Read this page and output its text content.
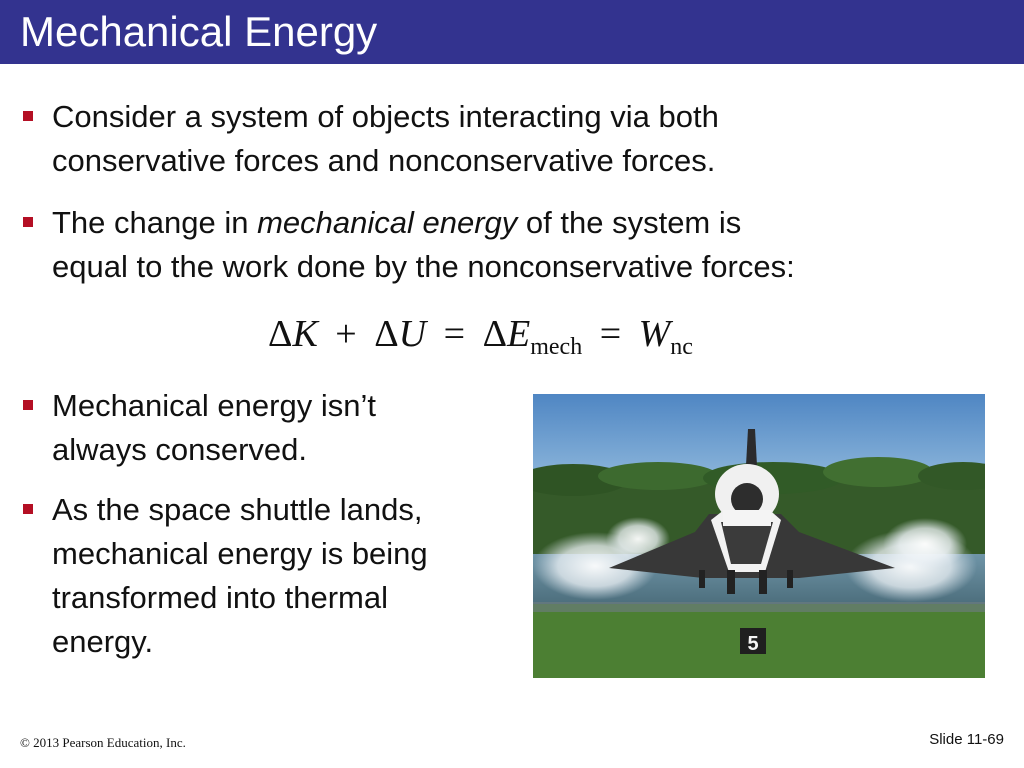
Mechanical Energy
Consider a system of objects interacting via both
conservative forces and nonconservative forces.
The change in mechanical energy of the system is
equal to the work done by the nonconservative forces:
$\Delta K + \Delta U = \Delta E_{mech} = W_{nc}$
Mechanical energy isn’t
always conserved.
As the space shuttle lands,
mechanical energy is being
transformed into thermal
energy.	5
© 2013 Pearson Education, Inc.	Slide 11-69
